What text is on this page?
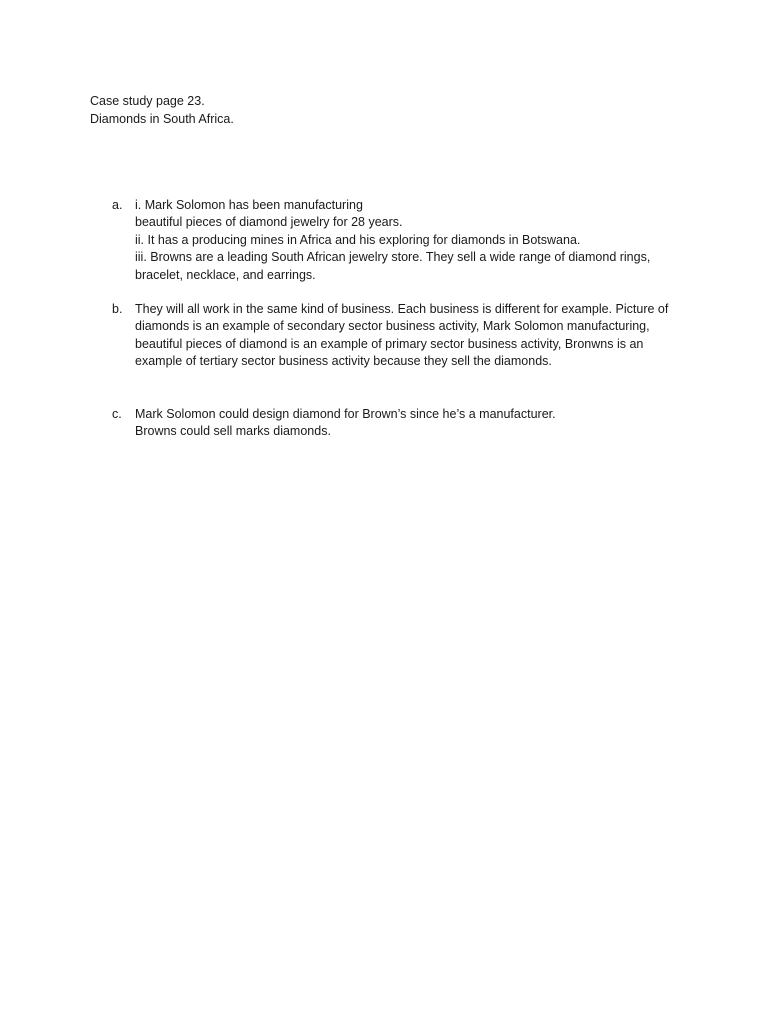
Case study page 23.
Diamonds in South Africa.
a. i. Mark Solomon has been manufacturing
beautiful pieces of diamond jewelry for 28 years.
ii. It has a producing mines in Africa and his exploring for diamonds in Botswana.
iii. Browns are a leading South African jewelry store. They sell a wide range of diamond rings,
bracelet, necklace, and earrings.
b. They will all work in the same kind of business. Each business is different for example. Picture of
diamonds is an example of secondary sector business activity, Mark Solomon manufacturing,
beautiful pieces of diamond is an example of primary sector business activity, Bronwns is an
example of tertiary sector business activity because they sell the diamonds.
c. Mark Solomon could design diamond for Brown’s since he’s a manufacturer.
Browns could sell marks diamonds.
